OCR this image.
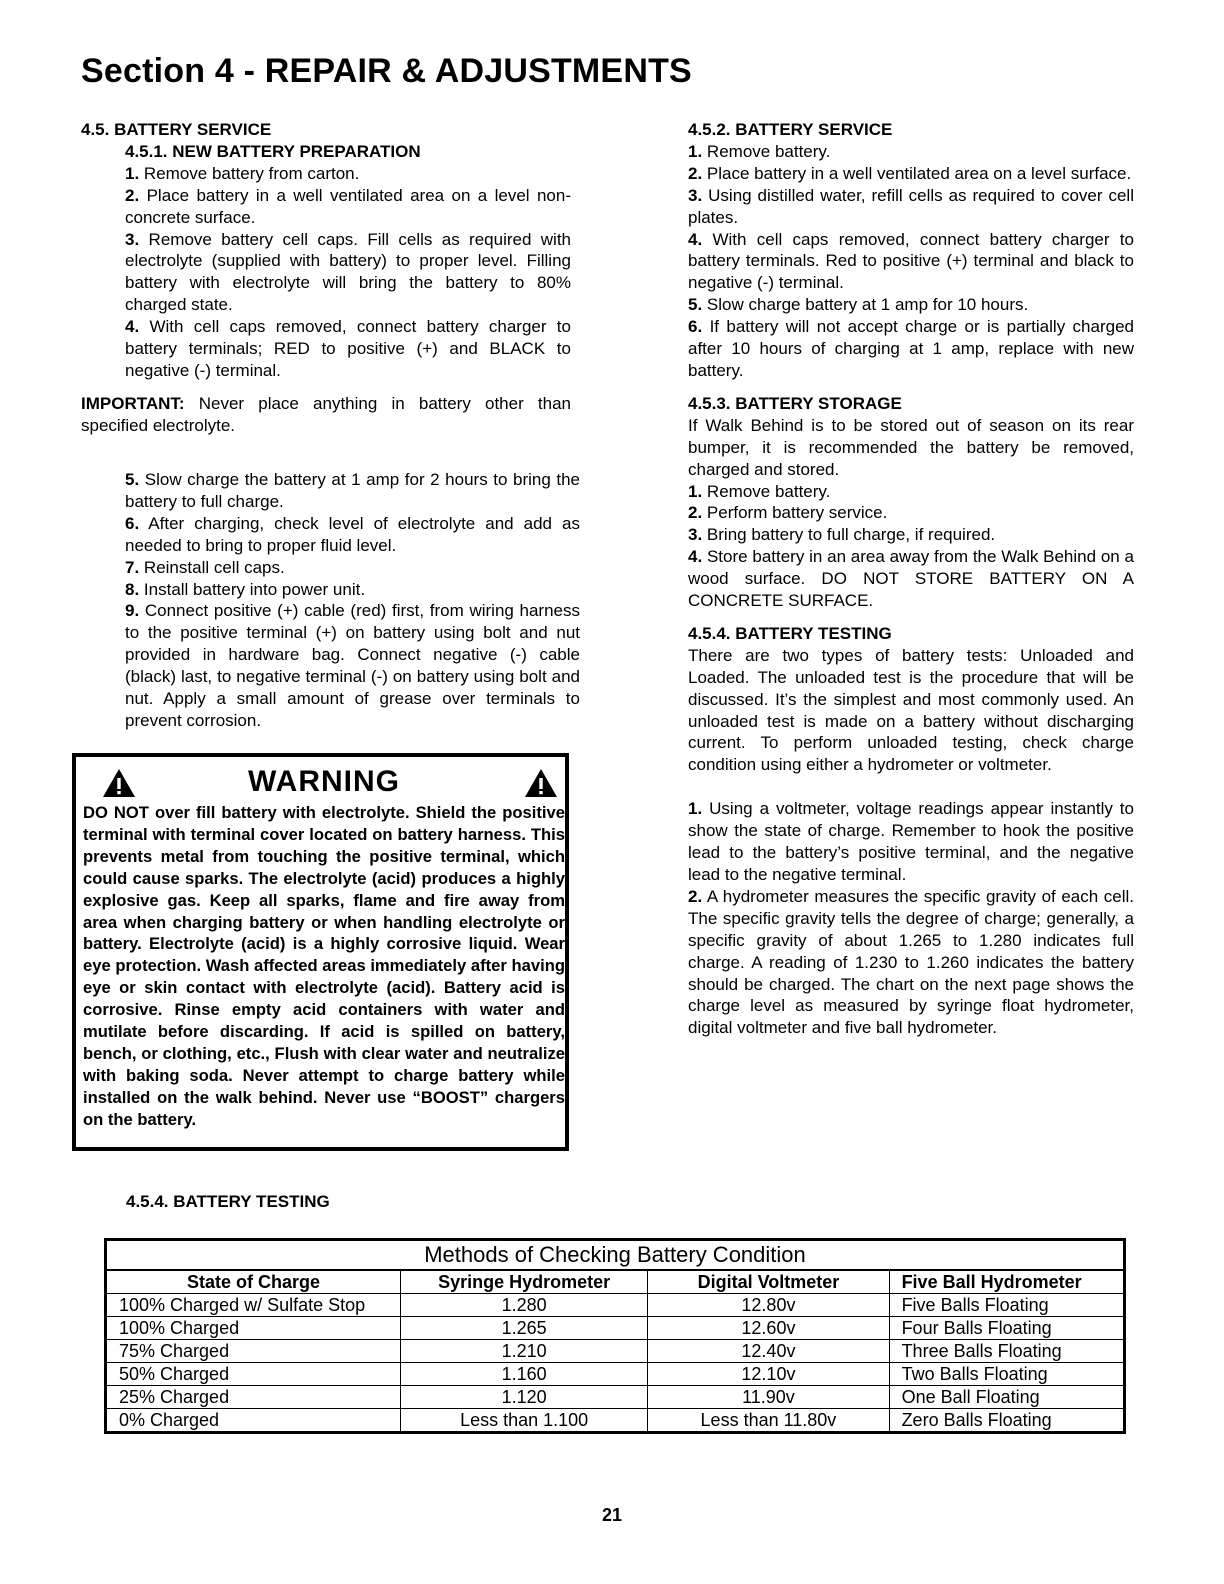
Section 4 - REPAIR & ADJUSTMENTS

4.5. BATTERY SERVICE

4.5.1. NEW BATTERY PREPARATION

1. Remove battery from carton.

2. Place battery in a well ventilated area on a level non-concrete surface.

3. Remove battery cell caps. Fill cells as required with electrolyte (supplied with battery) to proper level. Filling battery with electrolyte will bring the battery to 80% charged state.

4. With cell caps removed, connect battery charger to battery terminals; RED to positive (+) and BLACK to negative (-) terminal.

IMPORTANT: Never place anything in battery other than specified electrolyte.

5. Slow charge the battery at 1 amp for 2 hours to bring the battery to full charge.

6. After charging, check level of electrolyte and add as needed to bring to proper fluid level.

7. Reinstall cell caps.

8. Install battery into power unit.

9. Connect positive (+) cable (red) first, from wiring harness to the positive terminal (+) on battery using bolt and nut provided in hardware bag. Connect negative (-) cable (black) last, to negative terminal (-) on battery using bolt and nut. Apply a small amount of grease over terminals to prevent corrosion.

WARNING
DO NOT over fill battery with electrolyte. Shield the positive terminal with terminal cover located on battery harness. This prevents metal from touching the positive terminal, which could cause sparks. The electrolyte (acid) produces a highly explosive gas. Keep all sparks, flame and fire away from area when charging battery or when handling electrolyte or battery. Electrolyte (acid) is a highly corrosive liquid. Wear eye protection. Wash affected areas immediately after having eye or skin contact with electrolyte (acid). Battery acid is corrosive. Rinse empty acid containers with water and mutilate before discarding. If acid is spilled on battery, bench, or clothing, etc., Flush with clear water and neutralize with baking soda. Never attempt to charge battery while installed on the walk behind. Never use “BOOST” chargers on the battery.

4.5.2. BATTERY SERVICE

1. Remove battery.

2. Place battery in a well ventilated area on a level surface.

3. Using distilled water, refill cells as required to cover cell plates.

4. With cell caps removed, connect battery charger to battery terminals. Red to positive (+) terminal and black to negative (-) terminal.

5. Slow charge battery at 1 amp for 10 hours.

6. If battery will not accept charge or is partially charged after 10 hours of charging at 1 amp, replace with new battery.

4.5.3. BATTERY STORAGE

If Walk Behind is to be stored out of season on its rear bumper, it is recommended the battery be removed, charged and stored.

1. Remove battery.

2. Perform battery service.

3. Bring battery to full charge, if required.

4. Store battery in an area away from the Walk Behind on a wood surface. DO NOT STORE BATTERY ON A CONCRETE SURFACE.

4.5.4. BATTERY TESTING

There are two types of battery tests: Unloaded and Loaded. The unloaded test is the procedure that will be discussed. It’s the simplest and most commonly used. An unloaded test is made on a battery without discharging current. To perform unloaded testing, check charge condition using either a hydrometer or voltmeter.

1. Using a voltmeter, voltage readings appear instantly to show the state of charge. Remember to hook the positive lead to the battery’s positive terminal, and the negative lead to the negative terminal.

2. A hydrometer measures the specific gravity of each cell. The specific gravity tells the degree of charge; generally, a specific gravity of about 1.265 to 1.280 indicates full charge. A reading of 1.230 to 1.260 indicates the battery should be charged. The chart on the next page shows the charge level as measured by syringe float hydrometer, digital voltmeter and five ball hydrometer.

4.5.4. BATTERY TESTING
Methods of Checking Battery Condition			
State of Charge	Syringe Hydrometer	Digital Voltmeter	Five Ball Hydrometer
100% Charged w/ Sulfate Stop	1.280	12.80v	Five Balls Floating
100% Charged	1.265	12.60v	Four Balls Floating
75% Charged	1.210	12.40v	Three Balls Floating
50% Charged	1.160	12.10v	Two Balls Floating
25% Charged	1.120	11.90v	One Ball Floating
0% Charged	Less than 1.100	Less than 11.80v	Zero Balls Floating
21
